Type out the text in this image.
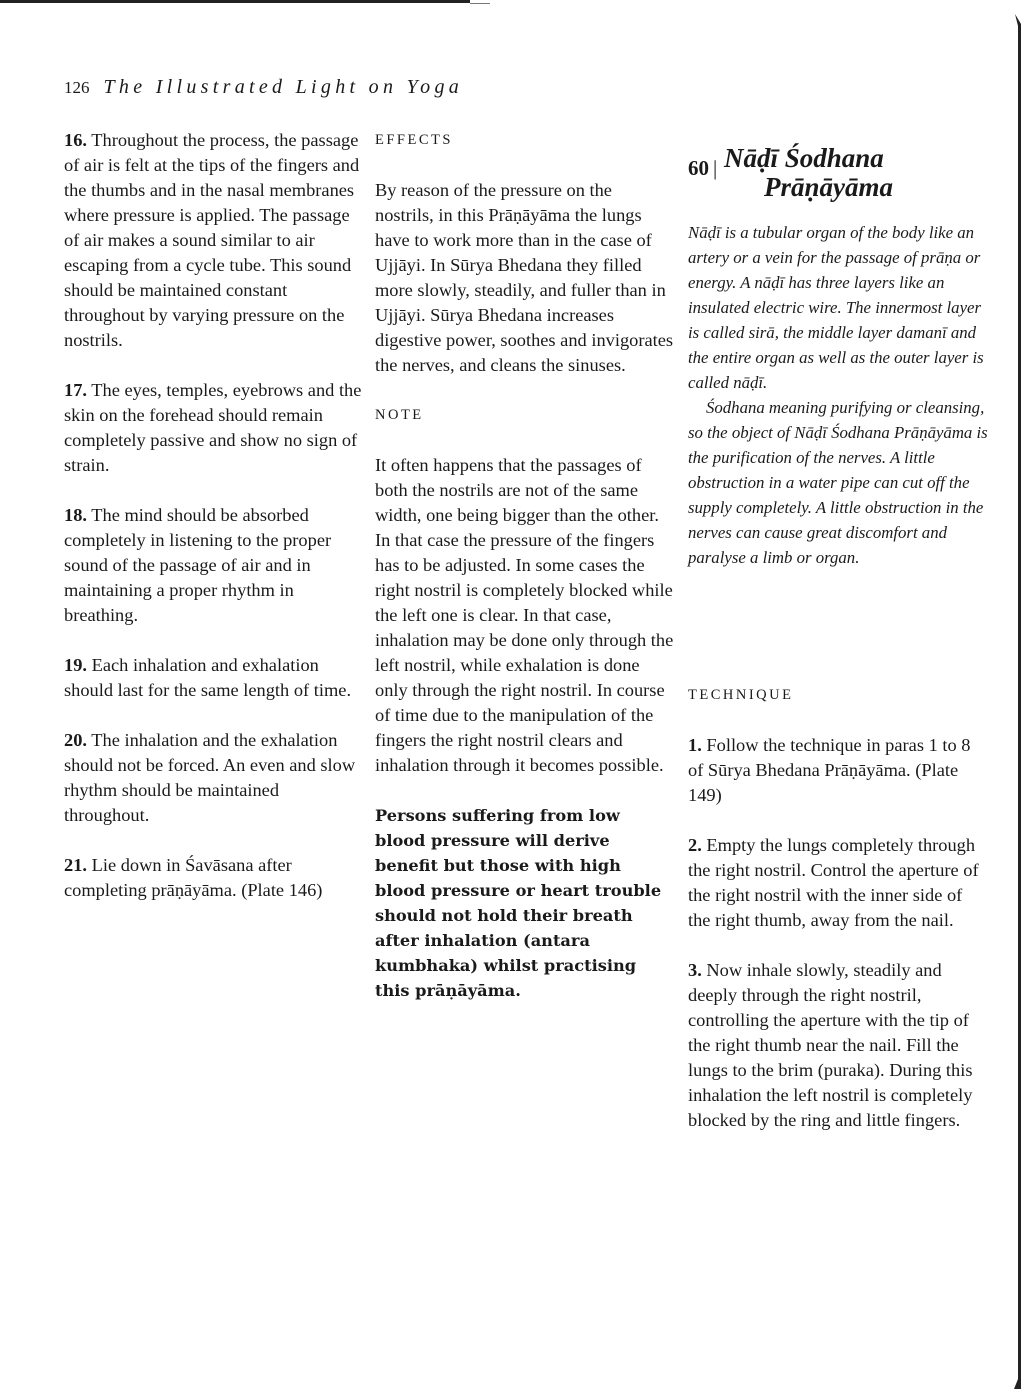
126 The Illustrated Light on Yoga

16. Throughout the process, the passage of air is felt at the tips of the fingers and the thumbs and in the nasal membranes where pressure is applied. The passage of air makes a sound similar to air escaping from a cycle tube. This sound should be maintained constant throughout by varying pressure on the nostrils.

17. The eyes, temples, eyebrows and the skin on the forehead should remain completely passive and show no sign of strain.

18. The mind should be absorbed completely in listening to the proper sound of the passage of air and in maintaining a proper rhythm in breathing.

19. Each inhalation and exhalation should last for the same length of time.

20. The inhalation and the exhalation should not be forced. An even and slow rhythm should be maintained throughout.

21. Lie down in Śavāsana after completing prāṇāyāma. (Plate 146)

EFFECTS

By reason of the pressure on the nostrils, in this Prāṇāyāma the lungs have to work more than in the case of Ujjāyi. In Sūrya Bhedana they filled more slowly, steadily, and fuller than in Ujjāyi. Sūrya Bhedana increases digestive power, soothes and invigorates the nerves, and cleans the sinuses.

NOTE

It often happens that the passages of both the nostrils are not of the same width, one being bigger than the other. In that case the pressure of the fingers has to be adjusted. In some cases the right nostril is completely blocked while the left one is clear. In that case, inhalation may be done only through the left nostril, while exhalation is done only through the right nostril. In course of time due to the manipulation of the fingers the right nostril clears and inhalation through it becomes possible.

Persons suffering from low blood pressure will derive benefit but those with high blood pressure or heart trouble should not hold their breath after inhalation (antara kumbhaka) whilst practising this prāṇāyāma.

60 | Nāḍī Śodhana
Prāṇāyāma

Nāḍī is a tubular organ of the body like an artery or a vein for the passage of prāṇa or energy. A nāḍī has three layers like an insulated electric wire. The innermost layer is called sirā, the middle layer damanī and the entire organ as well as the outer layer is called nāḍī.

Śodhana meaning purifying or cleansing, so the object of Nāḍī Śodhana Prāṇāyāma is the purification of the nerves. A little obstruction in a water pipe can cut off the supply completely. A little obstruction in the nerves can cause great discomfort and paralyse a limb or organ.

TECHNIQUE

1. Follow the technique in paras 1 to 8 of Sūrya Bhedana Prāṇāyāma. (Plate 149)

2. Empty the lungs completely through the right nostril. Control the aperture of the right nostril with the inner side of the right thumb, away from the nail.

3. Now inhale slowly, steadily and deeply through the right nostril, controlling the aperture with the tip of the right thumb near the nail. Fill the lungs to the brim (puraka). During this inhalation the left nostril is completely blocked by the ring and little fingers.
